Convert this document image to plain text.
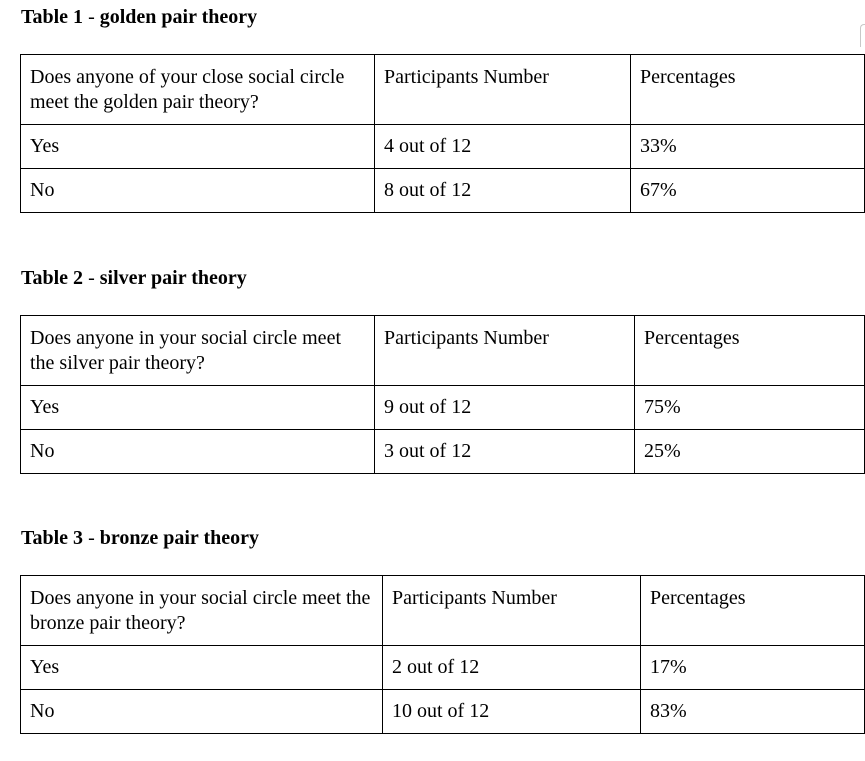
Table 1 - golden pair theory
Does anyone of your close social circle meet the golden pair theory?	Participants Number	Percentages
Yes	4 out of 12	33%
No	8 out of 12	67%
Table 2 - silver pair theory
Does anyone in your social circle meet the silver pair theory?	Participants Number	Percentages
Yes	9 out of 12	75%
No	3 out of 12	25%
Table 3 - bronze pair theory
Does anyone in your social circle meet the bronze pair theory?	Participants Number	Percentages
Yes	2 out of 12	17%
No	10 out of 12	83%
